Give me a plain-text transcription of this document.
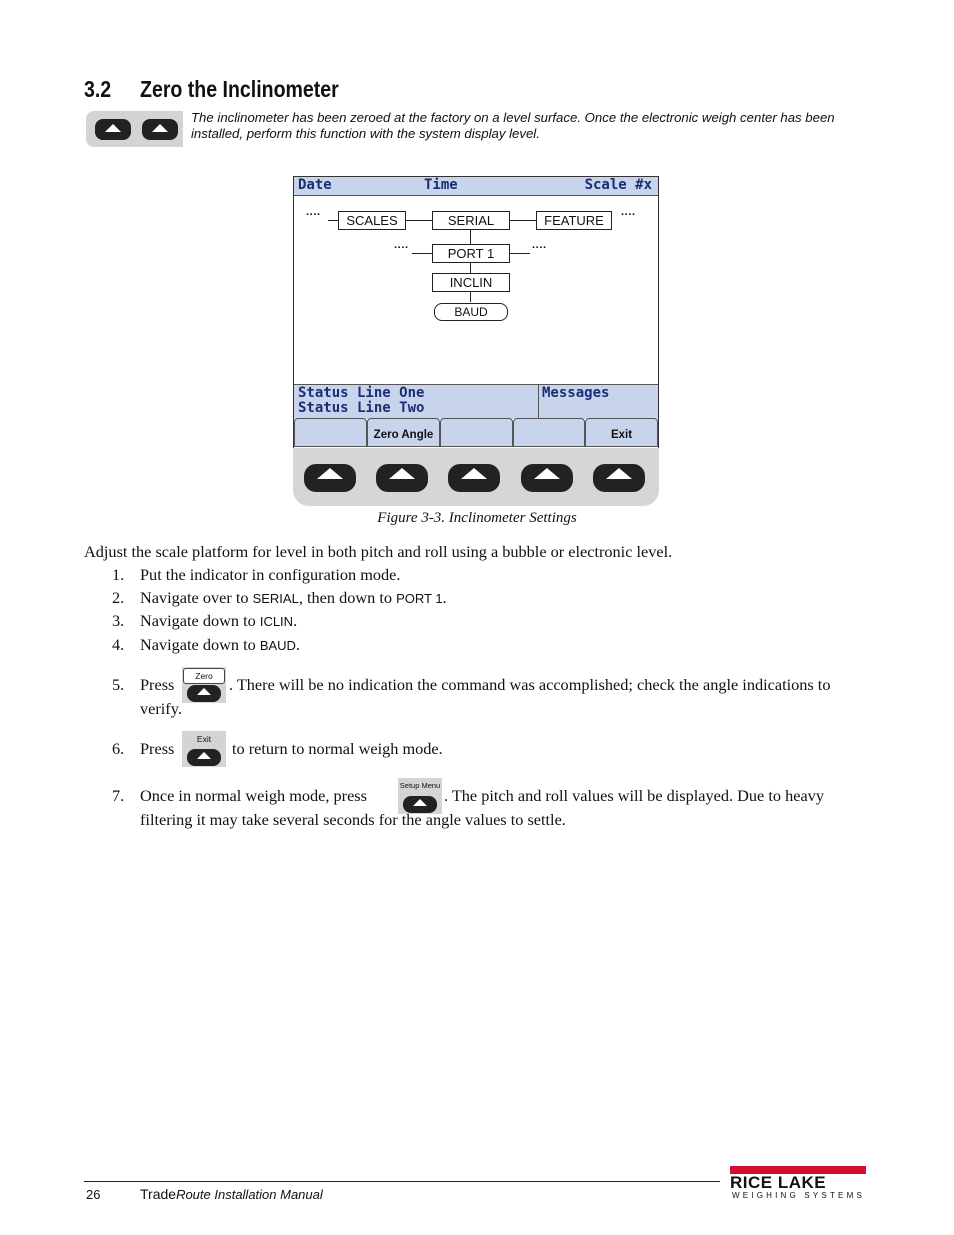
3.2 Zero the Inclinometer
The inclinometer has been zeroed at the factory on a level surface. Once the electronic weigh center has been installed, perform this function with the system display level.
Date	Time	Scale #x
····	SCALES	SERIAL	FEATURE	····
····	PORT 1	····
INCLIN
BAUD
Status Line One
Status Line Two
Messages
Zero Angle	Exit
Figure 3-3. Inclinometer Settings
Adjust the scale platform for level in both pitch and roll using a bubble or electronic level.
1. Put the indicator in configuration mode.
2. Navigate over to SERIAL, then down to PORT 1.
3. Navigate down to ICLIN.
4. Navigate down to BAUD.
5. Press	Zero . There will be no indication the command was accomplished; check the angle indications to
verify.
6. Press	Exit	to return to normal weigh mode.
7. Once in normal weigh mode, press
Setup Menu
. The pitch and roll values will be displayed. Due to heavy
filtering it may take several seconds for the angle values to settle.
26	TradeRoute Installation Manual
RICE LAKE
WEIGHING SYSTEMS
